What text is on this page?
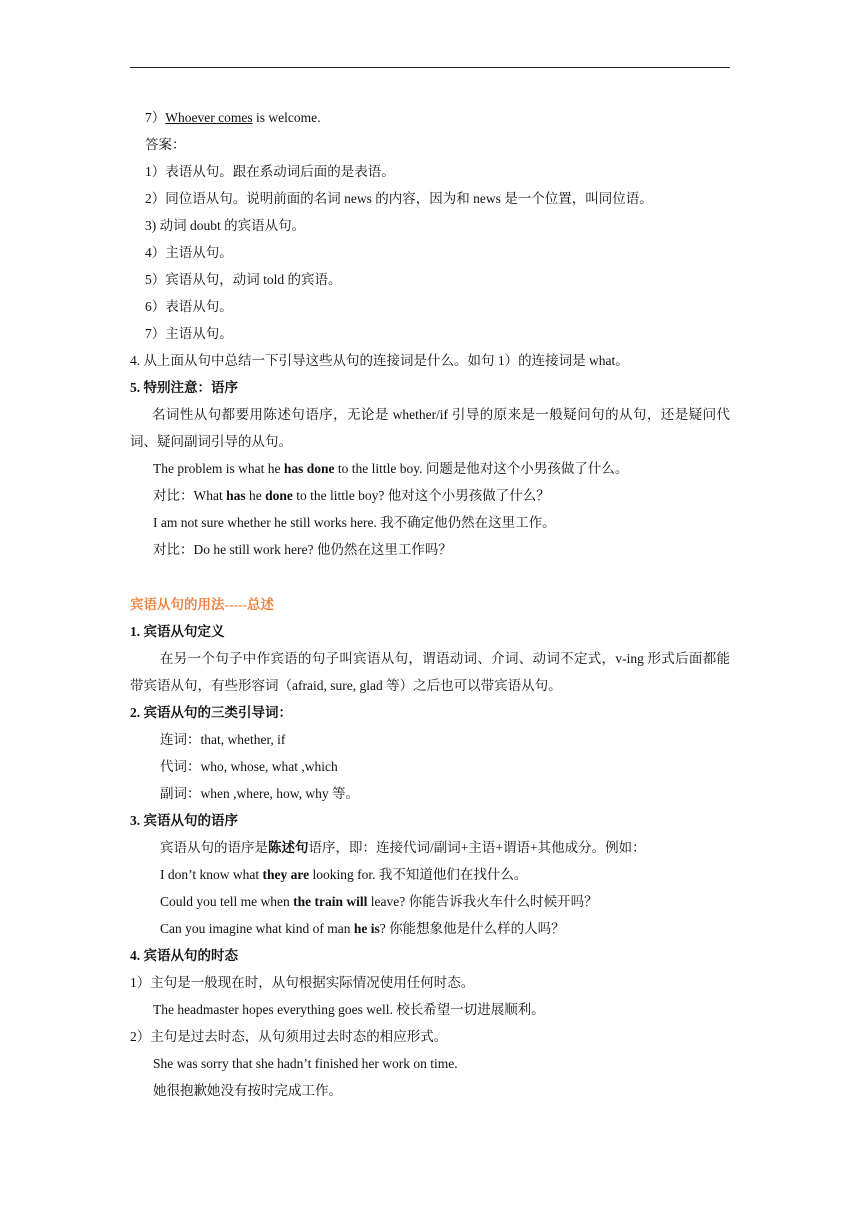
7）Whoever comes is welcome.
答案：
1）表语从句。跟在系动词后面的是表语。
2）同位语从句。说明前面的名词 news 的内容，因为和 news 是一个位置，叫同位语。
3) 动词 doubt 的宾语从句。
4）主语从句。
5）宾语从句，动词 told 的宾语。
6）表语从句。
7）主语从句。
4. 从上面从句中总结一下引导这些从句的连接词是什么。如句 1）的连接词是 what。
5. 特别注意：语序
名词性从句都要用陈述句语序，无论是 whether/if 引导的原来是一般疑问句的从句，还是疑问代词、疑问副词引导的从句。
The problem is what he has done to the little boy. 问题是他对这个小男孩做了什么。
对比：What has he done to the little boy? 他对这个小男孩做了什么？
I am not sure whether he still works here. 我不确定他仍然在这里工作。
对比：Do he still work here? 他仍然在这里工作吗？
宾语从句的用法-----总述
1. 宾语从句定义
在另一个句子中作宾语的句子叫宾语从句，谓语动词、介词、动词不定式，v-ing 形式后面都能带宾语从句，有些形容词（afraid, sure, glad 等）之后也可以带宾语从句。
2. 宾语从句的三类引导词：
连词：that, whether, if
代词：who, whose, what ,which
副词：when ,where, how, why 等。
3. 宾语从句的语序
宾语从句的语序是陈述句语序，即：连接代词/副词+主语+谓语+其他成分。例如：
I don’t know what they are looking for. 我不知道他们在找什么。
Could you tell me when the train will leave? 你能告诉我火车什么时候开吗？
Can you imagine what kind of man he is? 你能想象他是什么样的人吗？
4. 宾语从句的时态
1）主句是一般现在时，从句根据实际情况使用任何时态。
The headmaster hopes everything goes well. 校长希望一切进展顺利。
2）主句是过去时态，从句须用过去时态的相应形式。
She was sorry that she hadn’t finished her work on time.
她很抱歉她没有按时完成工作。
